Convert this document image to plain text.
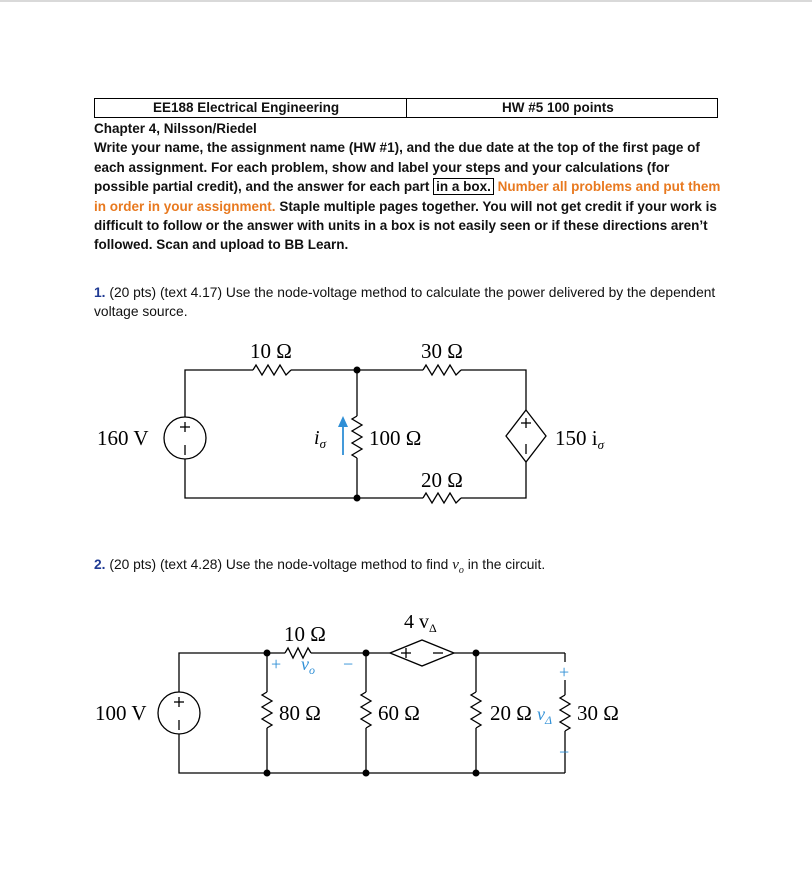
EE188 Electrical Engineering	HW #5 100 points
Chapter 4, Nilsson/Riedel
Write your name, the assignment name (HW #1), and the due date at the top of the first page of each assignment. For each problem, show and label your steps and your calculations (for possible partial credit), and the answer for each part in a box. Number all problems and put them in order in your assignment. Staple multiple pages together. You will not get credit if your work is difficult to follow or the answer with units in a box is not easily seen or if these directions aren’t followed. Scan and upload to BB Learn.
1. (20 pts) (text 4.17) Use the node-voltage method to calculate the power delivered by the dependent voltage source.
10 Ω	30 Ω
100 Ω
20 Ω
160 V	$i_\sigma$	150 iσ
2. (20 pts) (text 4.28) Use the node-voltage method to find $v_o$ in the circuit.
+	−	+
−
10 Ω
$v_o$
4 $v_\Delta$
100 V	80 Ω	60 Ω	20 Ω $v_\Delta$ 30 Ω
